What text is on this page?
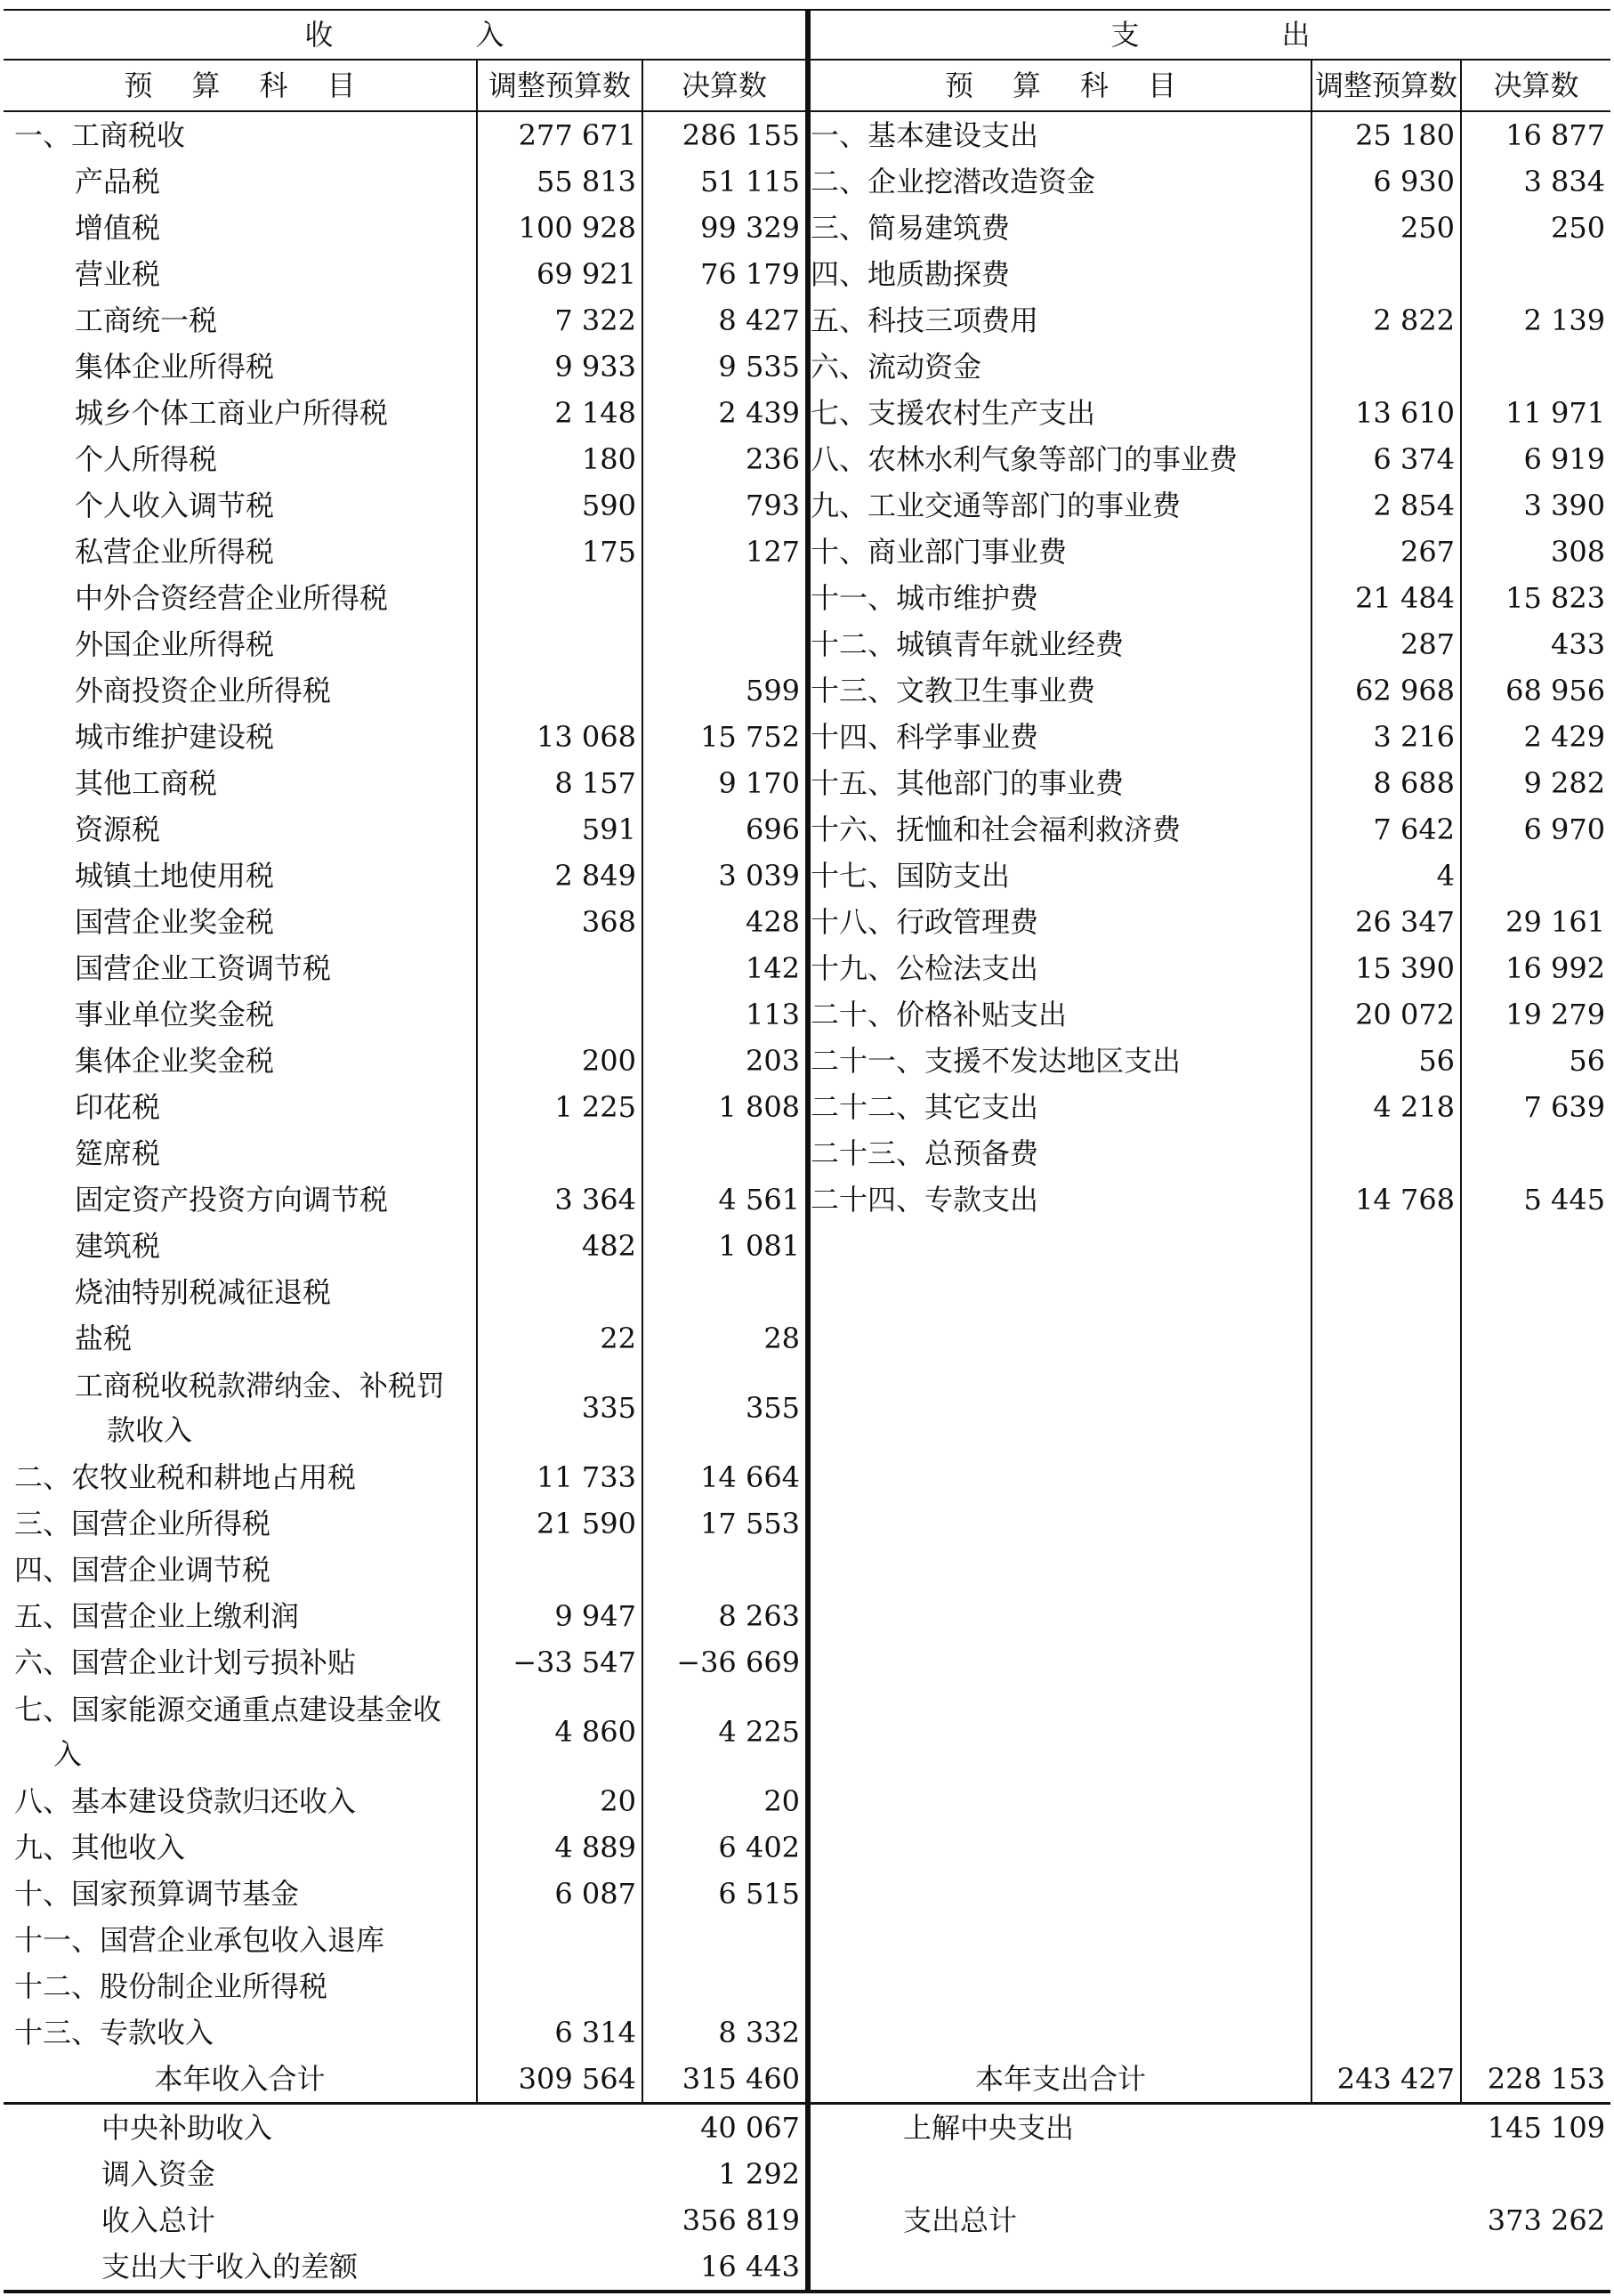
收 入			支 出		
预 算 科 目	调整预算数	决算数	预 算 科 目	调整预算数	决算数
一、工商税收	277 671	286 155	一、基本建设支出	25 180	16 877
产品税	55 813	51 115	二、企业挖潜改造资金	6 930	3 834
增值税	100 928	99 329	三、简易建筑费	250	250
营业税	69 921	76 179	四、地质勘探费		
工商统一税	7 322	8 427	五、科技三项费用	2 822	2 139
集体企业所得税	9 933	9 535	六、流动资金		
城乡个体工商业户所得税	2 148	2 439	七、支援农村生产支出	13 610	11 971
个人所得税	180	236	八、农林水利气象等部门的事业费	6 374	6 919
个人收入调节税	590	793	九、工业交通等部门的事业费	2 854	3 390
私营企业所得税	175	127	十、商业部门事业费	267	308
中外合资经营企业所得税			十一、城市维护费	21 484	15 823
外国企业所得税			十二、城镇青年就业经费	287	433
外商投资企业所得税		599	十三、文教卫生事业费	62 968	68 956
城市维护建设税	13 068	15 752	十四、科学事业费	3 216	2 429
其他工商税	8 157	9 170	十五、其他部门的事业费	8 688	9 282
资源税	591	696	十六、抚恤和社会福利救济费	7 642	6 970
城镇土地使用税	2 849	3 039	十七、国防支出	4	
国营企业奖金税	368	428	十八、行政管理费	26 347	29 161
国营企业工资调节税		142	十九、公检法支出	15 390	16 992
事业单位奖金税		113	二十、价格补贴支出	20 072	19 279
集体企业奖金税	200	203	二十一、支援不发达地区支出	56	56
印花税	1 225	1 808	二十二、其它支出	4 218	7 639
筵席税			二十三、总预备费		
固定资产投资方向调节税	3 364	4 561	二十四、专款支出	14 768	5 445
建筑税	482	1 081			
烧油特别税减征退税					
盐税	22	28			

工商税收税款滞纳金、补税罚
款收入	335	355			
二、农牧业税和耕地占用税	11 733	14 664			
三、国营企业所得税	21 590	17 553			
四、国营企业调节税					
五、国营企业上缴利润	9 947	8 263			
六、国营企业计划亏损补贴	−33 547	−36 669			

七、国家能源交通重点建设基金收
入	4 860	4 225			
八、基本建设贷款归还收入	20	20			
九、其他收入	4 889	6 402			
十、国家预算调节基金	6 087	6 515			
十一、国营企业承包收入退库					
十二、股份制企业所得税					
十三、专款收入	6 314	8 332			
本年收入合计	309 564	315 460	本年支出合计	243 427	228 153
中央补助收入		40 067	上解中央支出		145 109
调入资金		1 292			
收入总计		356 819	支出总计		373 262
支出大于收入的差额		16 443			
